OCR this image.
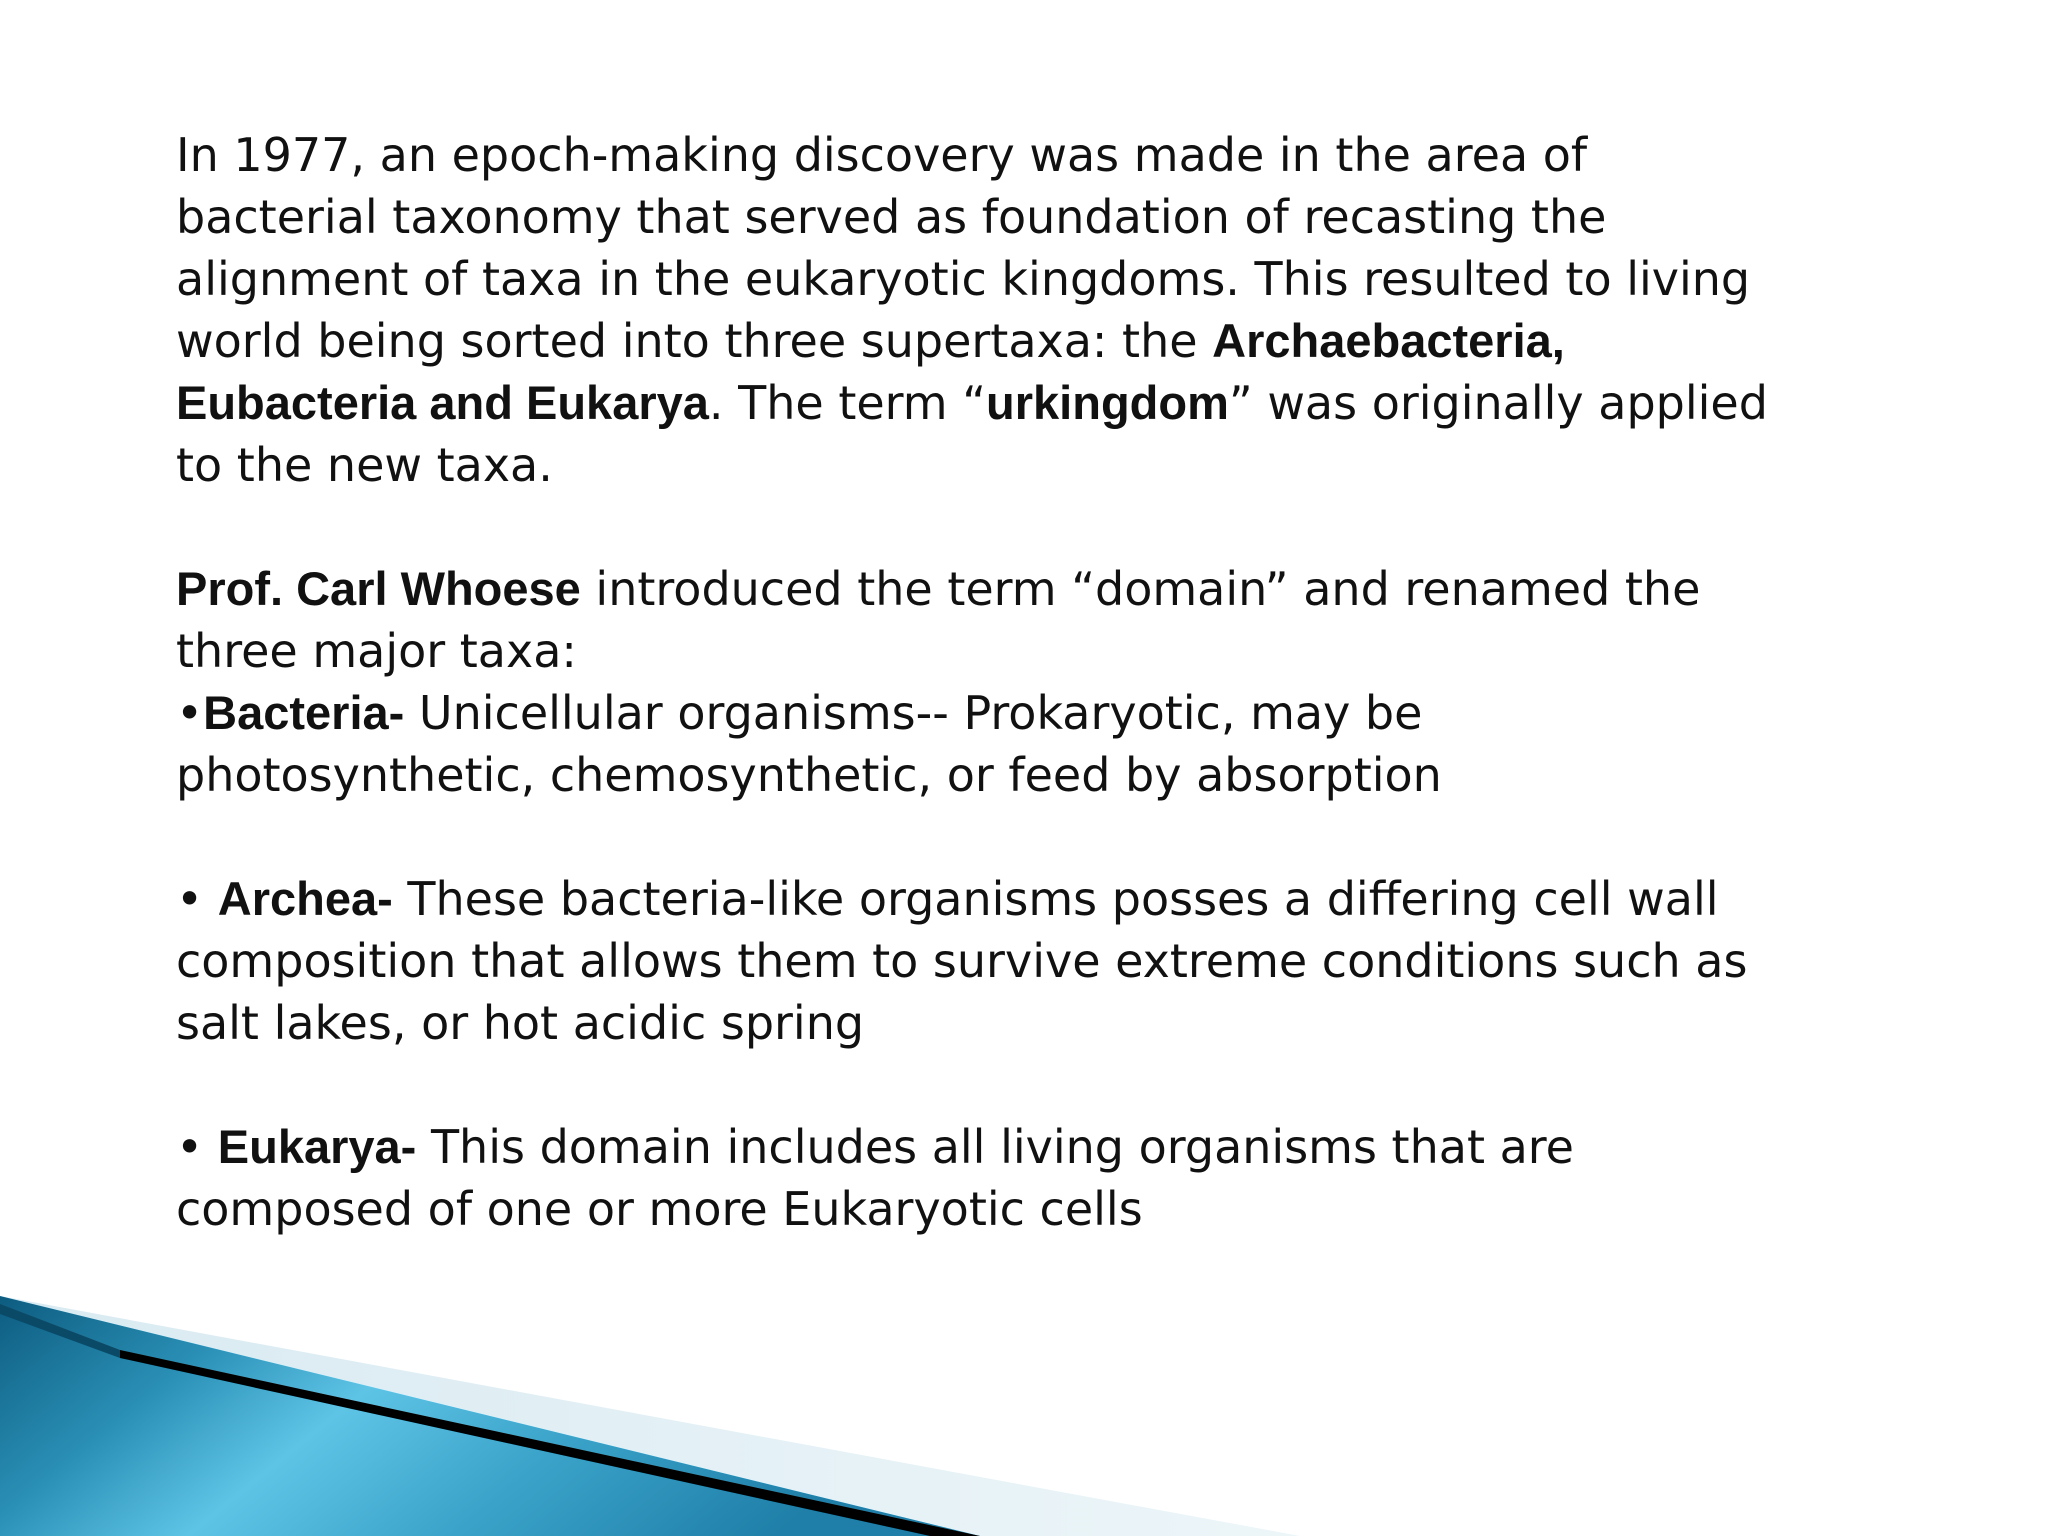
In 1977, an epoch-making discovery was made in the area of
bacterial taxonomy that served as foundation of recasting the
alignment of taxa in the eukaryotic kingdoms. This resulted to living
world being sorted into three supertaxa: the Archaebacteria,
Eubacteria and Eukarya. The term “urkingdom” was originally applied
to the new taxa.
Prof. Carl Whoese introduced the term “domain” and renamed the
three major taxa:
•Bacteria- Unicellular organisms-- Prokaryotic, may be
photosynthetic, chemosynthetic, or feed by absorption
• Archea- These bacteria-like organisms posses a differing cell wall
composition that allows them to survive extreme conditions such as
salt lakes, or hot acidic spring
• Eukarya- This domain includes all living organisms that are
composed of one or more Eukaryotic cells
